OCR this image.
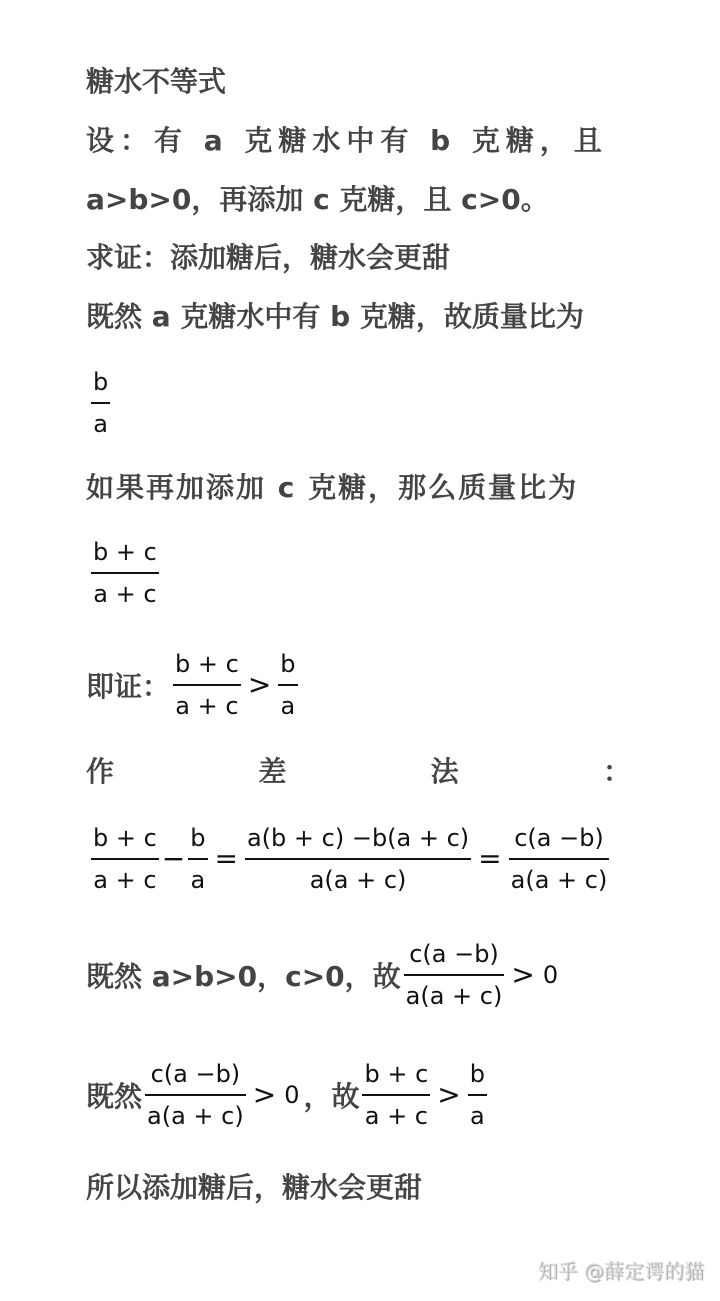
糖水不等式
设：有 a 克糖水中有 b 克糖，且
a>b>0，再添加 c 克糖，且 c>0。
求证：添加糖后，糖水会更甜
既然 a 克糖水中有 b 克糖，故质量比为
$\frac{b}{a}$
如果再加添加 c 克糖，那么质量比为
$\frac{b + c}{a + c}$
即证： $\frac{b + c}{a + c} > \frac{b}{a}$
作	差	法	：
$\frac{b + c}{a + c} - \frac{b}{a} = \frac{a(b + c) -b(a + c)}{a(a + c)} = \frac{c(a -b)}{a(a + c)}$
既然 a>b>0，c>0，故 $\frac{c(a -b)}{a(a + c)} > 0$
既然 $\frac{c(a -b)}{a(a + c)} > 0$ ，故 $\frac{b + c}{a + c} > \frac{b}{a}$
所以添加糖后，糖水会更甜
知乎 @薛定谔的猫
